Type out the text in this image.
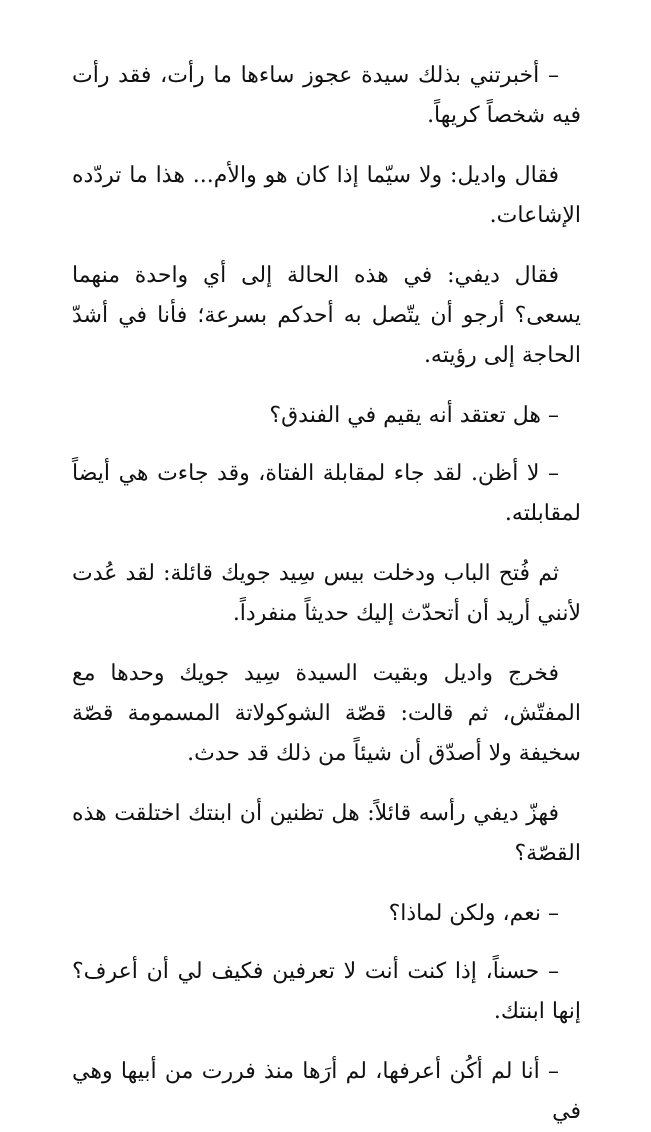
– أخبرتني بذلك سيدة عجوز ساءها ما رأت، فقد رأت فيه شخصاً كريهاً.

فقال واديل: ولا سيّما إذا كان هو والأم... هذا ما تردّده الإشاعات.

فقال ديفي: في هذه الحالة إلى أي واحدة منهما يسعى؟ أرجو أن يتّصل به أحدكم بسرعة؛ فأنا في أشدّ الحاجة إلى رؤيته.

– هل تعتقد أنه يقيم في الفندق؟

– لا أظن. لقد جاء لمقابلة الفتاة، وقد جاءت هي أيضاً لمقابلته.

ثم فُتح الباب ودخلت بيس سِيد جويك قائلة: لقد عُدت لأنني أريد أن أتحدّث إليك حديثاً منفرداً.

فخرج واديل وبقيت السيدة سِيد جويك وحدها مع المفتّش، ثم قالت: قصّة الشوكولاتة المسمومة قصّة سخيفة ولا أصدّق أن شيئاً من ذلك قد حدث.

فهزّ ديفي رأسه قائلاً: هل تظنين أن ابنتك اختلقت هذه القصّة؟

– نعم، ولكن لماذا؟

– حسناً، إذا كنت أنت لا تعرفين فكيف لي أن أعرف؟ إنها ابنتك.

– أنا لم أكُن أعرفها، لم أرَها منذ فررت من أبيها وهي في
